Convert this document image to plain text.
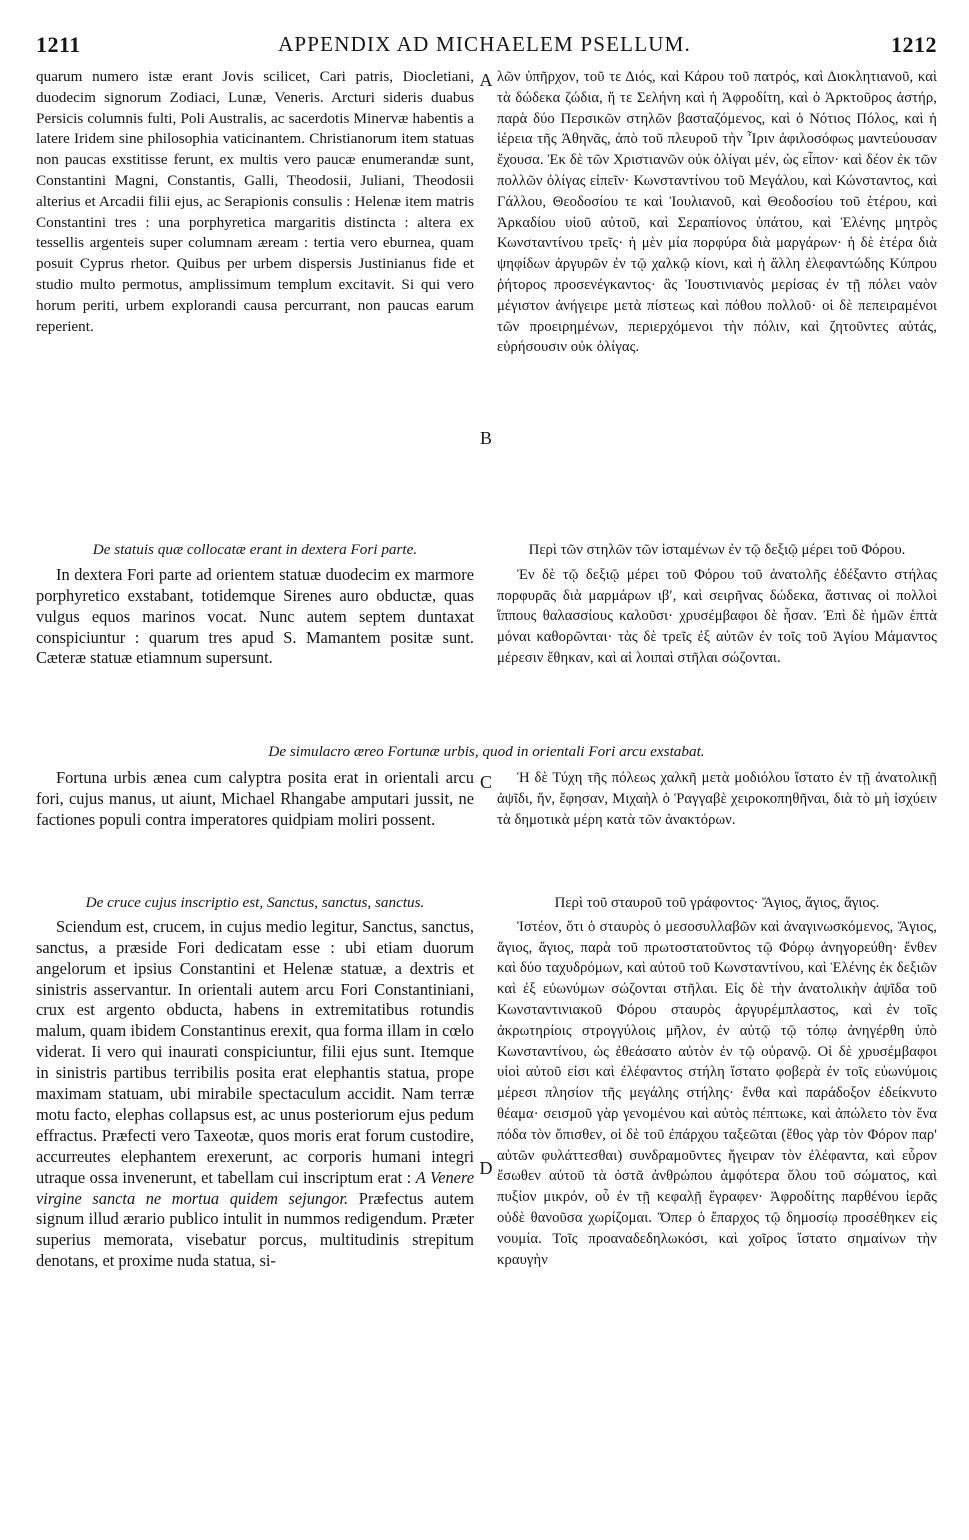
1211	APPENDIX AD MICHAELEM PSELLUM.	1212

quarum numero istæ erant Jovis scilicet, Cari patris, Diocletiani, duodecim signorum Zodiaci, Lunæ, Veneris. Arcturi sideris duabus Persicis columnis fulti, Poli Australis, ac sacerdotis Minervæ habentis a latere Iridem sine philosophia vaticinantem. Christianorum item statuas non paucas exstitisse ferunt, ex multis vero paucæ enumerandæ sunt, Constantini Magni, Constantis, Galli, Theodosii, Juliani, Theodosii alterius et Arcadii filii ejus, ac Serapionis consulis : Helenæ item matris Constantini tres : una porphyretica margaritis distincta : altera ex tessellis argenteis super columnam æream : tertia vero eburnea, quam posuit Cyprus rhetor. Quibus per urbem dispersis Justinianus fide et studio multo permotus, amplissimum templum excitavit. Si qui vero horum periti, urbem explorandi causa percurrant, non paucas earum reperient.

A λῶν ὑπῆρχον, τοῦ τε Διός, καὶ Κάρου τοῦ πατρός, καὶ Διοκλητιανοῦ, καὶ τὰ δώδεκα ζώδια, ἥ τε Σελήνη καὶ ἡ Ἀφροδίτη, καὶ ὁ Ἀρκτοῦρος ἀστήρ, παρὰ δύο Περσικῶν στηλῶν βασταζόμενος, καὶ ὁ Νότιος Πόλος, καὶ ἡ ἱέρεια τῆς Ἀθηνᾶς, ἀπὸ τοῦ πλευροῦ τὴν Ἶριν ἀφιλοσόφως μαντεύουσαν ἔχουσα. Ἐκ δὲ τῶν Χριστιανῶν οὐκ ὀλίγαι μέν, ὡς εἶπον· καὶ δέον ἐκ τῶν πολλῶν ὀλίγας εἰπεῖν· Κωνσταντίνου τοῦ Μεγάλου, καὶ Κώνσταντος, καὶ Γάλλου, Θεοδοσίου τε καὶ Ἰουλιανοῦ, καὶ Θεοδοσίου τοῦ ἑτέρου, καὶ Ἀρκαδίου υἱοῦ αὐτοῦ, καὶ Σεραπίονος ὑπάτου, καὶ Ἑλένης μητρὸς Κωνσταντίνου τρεῖς· ἡ μὲν μία πορφύρα διὰ μαργάρων· ἡ δὲ ἑτέρα διὰ ψηφίδων ἀργυρῶν ἐν τῷ χαλκῷ κίονι, καὶ ἡ ἄλλη ἐλεφαντώδης Κύπρου ῥήτορος προσενέγκαντος· ἃς Ἰουστινιανὸς μερίσας ἐν τῇ πόλει ναὸν μέγιστον ἀνήγειρε μετὰ πίστεως καὶ πόθου πολλοῦ· οἱ δὲ πεπειραμένοι τῶν προειρημένων, περιερχόμενοι τὴν πόλιν, καὶ ζητοῦντες αὐτάς, εὑρήσουσιν οὐκ ὀλίγας.

B
De statuis quæ collocatæ erant in dextera Fori parte.

In dextera Fori parte ad orientem statuæ duodecim ex marmore porphyretico exstabant, totidemque Sirenes auro obductæ, quas vulgus equos marinos vocat. Nunc autem septem duntaxat conspiciuntur : quarum tres apud S. Mamantem positæ sunt. Cæteræ statuæ etiamnum supersunt.

Περὶ τῶν στηλῶν τῶν ἱσταμένων ἐν τῷ δεξιῷ μέρει τοῦ Φόρου.

Ἐν δὲ τῷ δεξιῷ μέρει τοῦ Φόρου τοῦ ἀνατολῆς ἐδέξαντο στήλας πορφυρᾶς διὰ μαρμάρων ιβʹ, καὶ σειρῆνας δώδεκα, ἅστινας οἱ πολλοὶ ἵππους θαλασσίους καλοῦσι· χρυσέμβαφοι δὲ ἦσαν. Ἐπὶ δὲ ἡμῶν ἑπτὰ μόναι καθορῶνται· τὰς δὲ τρεῖς ἐξ αὐτῶν ἐν τοῖς τοῦ Ἁγίου Μάμαντος μέρεσιν ἔθηκαν, καὶ αἱ λοιπαὶ στῆλαι σώζονται.

De simulacro æreo Fortunæ urbis, quod in orientali Fori arcu exstabat.

Fortuna urbis ænea cum calyptra posita erat in orientali arcu fori, cujus manus, ut aiunt, Michael Rhangabe amputari jussit, ne factiones populi contra imperatores quidpiam moliri possent.

C	Ἡ δὲ Τύχη τῆς πόλεως χαλκῆ μετὰ μοδιόλου ἵστατο ἐν τῇ ἀνατολικῇ ἀψῖδι, ἥν, ἔφησαν, Μιχαὴλ ὁ Ῥαγγαβὲ χειροκοπηθῆναι, διὰ τὸ μὴ ἰσχύειν τὰ δημοτικὰ μέρη κατὰ τῶν ἀνακτόρων.

De cruce cujus inscriptio est, Sanctus, sanctus, sanctus.

Sciendum est, crucem, in cujus medio legitur, Sanctus, sanctus, sanctus, a præside Fori dedicatam esse : ubi etiam duorum angelorum et ipsius Constantini et Helenæ statuæ, a dextris et sinistris asservantur. In orientali autem arcu Fori Constantiniani, crux est argento obducta, habens in extremitatibus rotundis malum, quam ibidem Constantinus erexit, qua forma illam in cœlo viderat. Ii vero qui inaurati conspiciuntur, filii ejus sunt. Itemque in sinistris partibus terribilis posita erat elephantis statua, prope maximam statuam, ubi mirabile spectaculum accidit. Nam terræ motu facto, elephas collapsus est, ac unus posteriorum ejus pedum effractus. Præfecti vero Taxeotæ, quos moris erat forum custodire, accurreutes elephantem erexerunt, ac corporis humani integri utraque ossa invenerunt, et tabellam cui inscriptum erat : A Venere virgine sancta ne mortua quidem sejungor. Præfectus autem signum illud ærario publico intulit in nummos redigendum. Præter superius memorata, visebatur porcus, multitudinis strepitum denotans, et proxime nuda statua, si-

D
Περὶ τοῦ σταυροῦ τοῦ γράφοντος· Ἅγιος, ἅγιος, ἅγιος.

Ἰστέον, ὅτι ὁ σταυρὸς ὁ μεσοσυλλαβῶν καὶ ἀναγινωσκόμενος, Ἅγιος, ἅγιος, ἅγιος, παρὰ τοῦ πρωτοστατοῦντος τῷ Φόρῳ ἀνηγορεύθη· ἔνθεν καὶ δύο ταχυδρόμων, καὶ αὐτοῦ τοῦ Κωνσταντίνου, καὶ Ἑλένης ἐκ δεξιῶν καὶ ἐξ εὐωνύμων σώζονται στῆλαι. Εἰς δὲ τὴν ἀνατολικὴν ἀψῖδα τοῦ Κωνσταντινιακοῦ Φόρου σταυρὸς ἀργυρέμπλαστος, καὶ ἐν τοῖς ἀκρωτηρίοις στρογγύλοις μῆλον, ἐν αὐτῷ τῷ τόπῳ ἀνηγέρθη ὑπὸ Κωνσταντίνου, ὡς ἐθεάσατο αὐτὸν ἐν τῷ οὐρανῷ. Οἱ δὲ χρυσέμβαφοι υἱοὶ αὐτοῦ εἰσι καὶ ἐλέφαντος στήλη ἵστατο φοβερὰ ἐν τοῖς εὐωνύμοις μέρεσι πλησίον τῆς μεγάλης στήλης· ἔνθα καὶ παράδοξον ἐδείκνυτο θέαμα· σεισμοῦ γὰρ γενομένου καὶ αὐτὸς πέπτωκε, καὶ ἀπώλετο τὸν ἕνα πόδα τὸν ὄπισθεν, οἱ δὲ τοῦ ἐπάρχου ταξεῶται (ἔθος γὰρ τὸν Φόρον παρ' αὐτῶν φυλάττεσθαι) συνδραμοῦντες ἤγειραν τὸν ἐλέφαντα, καὶ εὗρον ἔσωθεν αὐτοῦ τὰ ὀστᾶ ἀνθρώπου ἀμφότερα ὅλου τοῦ σώματος, καὶ πυξίον μικρόν, οὗ ἐν τῇ κεφαλῇ ἔγραφεν· Ἀφροδίτης παρθένου ἱερᾶς οὐδὲ θανοῦσα χωρίζομαι. Ὅπερ ὁ ἔπαρχος τῷ δημοσίῳ προσέθηκεν εἰς νουμία. Τοῖς προαναδεδηλωκόσι, καὶ χοῖρος ἵστατο σημαίνων τὴν κραυγὴν
